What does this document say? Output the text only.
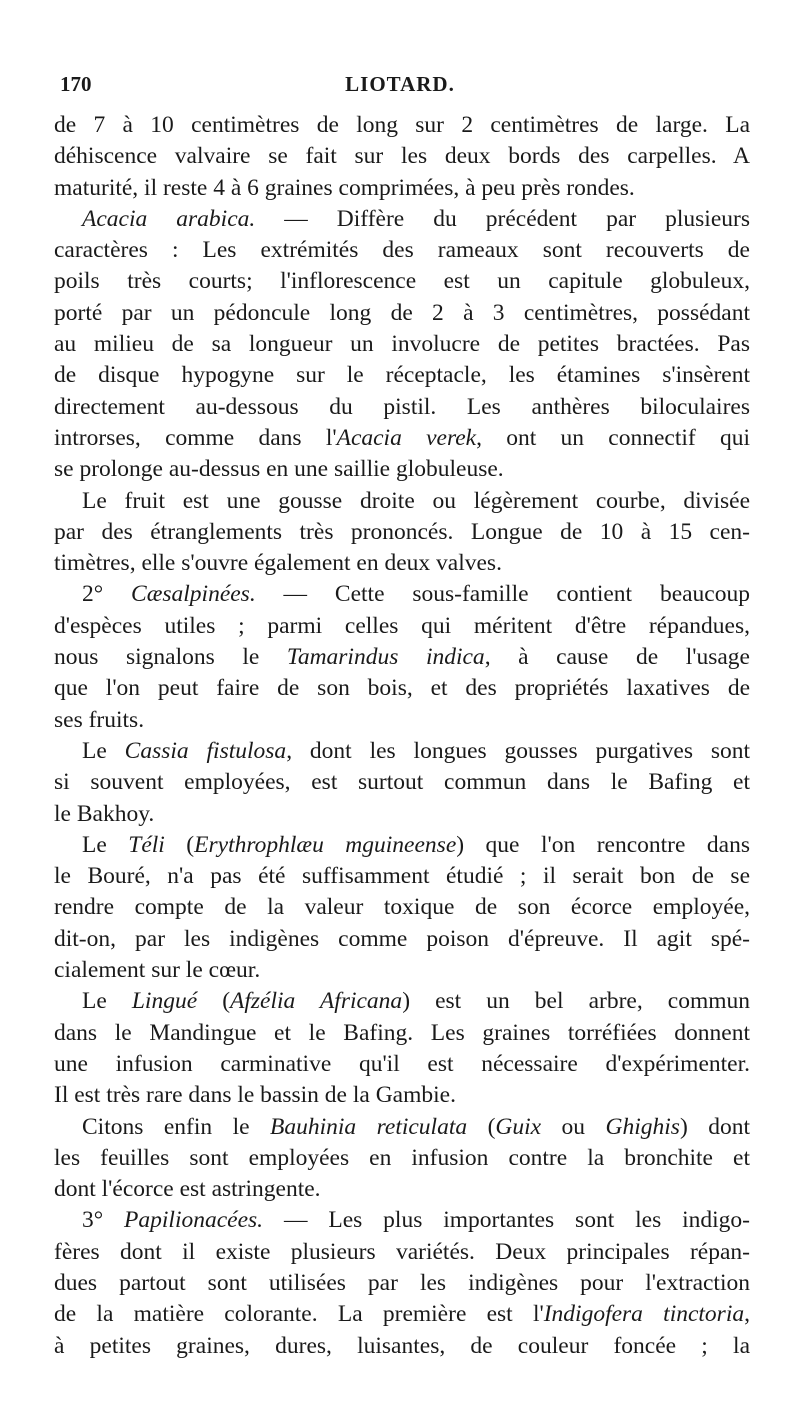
170	LIOTARD.
de 7 à 10 centimètres de long sur 2 centimètres de large. La
déhiscence valvaire se fait sur les deux bords des carpelles. A
maturité, il reste 4 à 6 graines comprimées, à peu près rondes.
Acacia arabica. — Diffère du précédent par plusieurs
caractères : Les extrémités des rameaux sont recouverts de
poils très courts; l'inflorescence est un capitule globuleux,
porté par un pédoncule long de 2 à 3 centimètres, possédant
au milieu de sa longueur un involucre de petites bractées. Pas
de disque hypogyne sur le réceptacle, les étamines s'insèrent
directement au-dessous du pistil. Les anthères biloculaires
introrses, comme dans l'Acacia verek, ont un connectif qui
se prolonge au-dessus en une saillie globuleuse.
Le fruit est une gousse droite ou légèrement courbe, divisée
par des étranglements très prononcés. Longue de 10 à 15 cen-
timètres, elle s'ouvre également en deux valves.
2° Cæsalpinées. — Cette sous-famille contient beaucoup
d'espèces utiles ; parmi celles qui méritent d'être répandues,
nous signalons le Tamarindus indica, à cause de l'usage
que l'on peut faire de son bois, et des propriétés laxatives de
ses fruits.
Le Cassia fistulosa, dont les longues gousses purgatives sont
si souvent employées, est surtout commun dans le Bafing et
le Bakhoy.
Le Téli (Erythrophlæu mguineense) que l'on rencontre dans
le Bouré, n'a pas été suffisamment étudié ; il serait bon de se
rendre compte de la valeur toxique de son écorce employée,
dit-on, par les indigènes comme poison d'épreuve. Il agit spé-
cialement sur le cœur.
Le Lingué (Afzélia Africana) est un bel arbre, commun
dans le Mandingue et le Bafing. Les graines torréfiées donnent
une infusion carminative qu'il est nécessaire d'expérimenter.
Il est très rare dans le bassin de la Gambie.
Citons enfin le Bauhinia reticulata (Guix ou Ghighis) dont
les feuilles sont employées en infusion contre la bronchite et
dont l'écorce est astringente.
3° Papilionacées. — Les plus importantes sont les indigo-
fères dont il existe plusieurs variétés. Deux principales répan-
dues partout sont utilisées par les indigènes pour l'extraction
de la matière colorante. La première est l'Indigofera tinctoria,
à petites graines, dures, luisantes, de couleur foncée ; la
